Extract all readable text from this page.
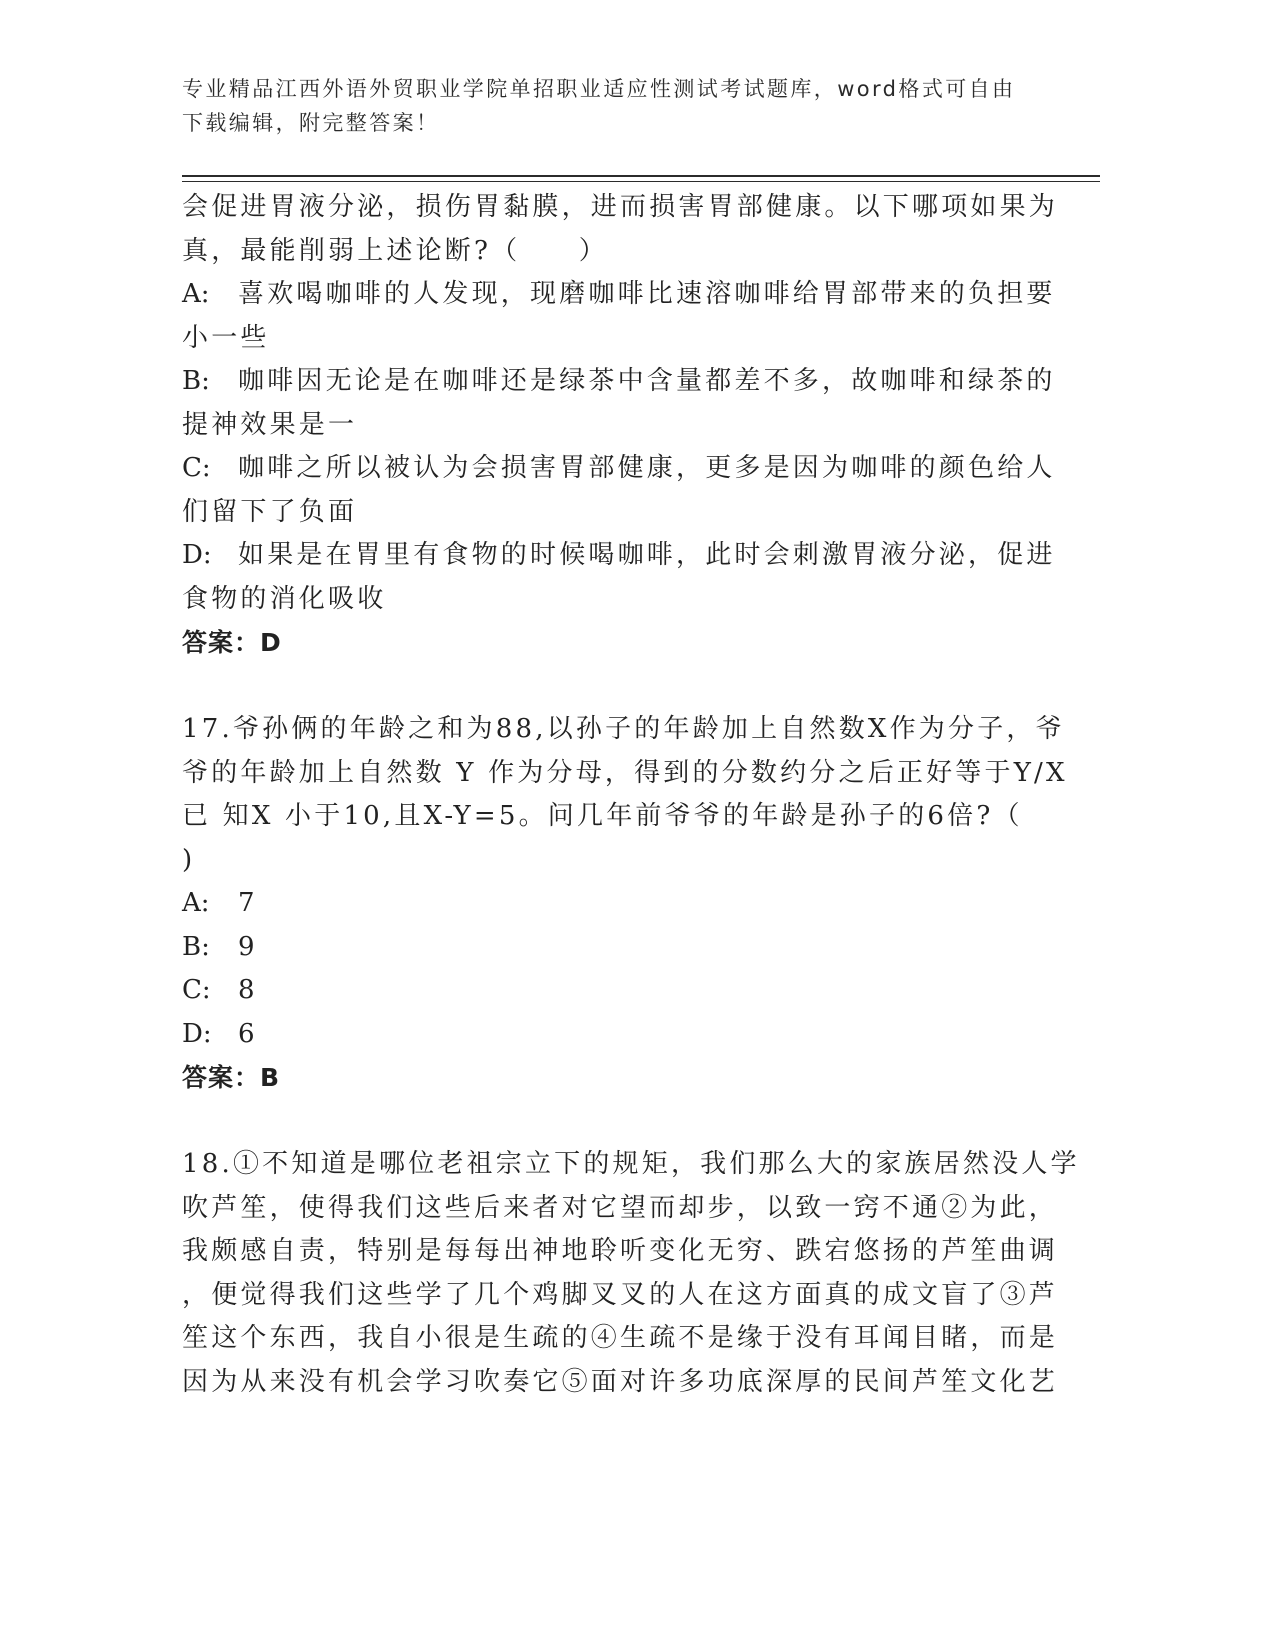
专业精品江西外语外贸职业学院单招职业适应性测试考试题库，word格式可自由
下载编辑，附完整答案！
会促进胃液分泌，损伤胃黏膜，进而损害胃部健康。以下哪项如果为
真，最能削弱上述论断?（　　）
A: 喜欢喝咖啡的人发现，现磨咖啡比速溶咖啡给胃部带来的负担要
小一些
B: 咖啡因无论是在咖啡还是绿茶中含量都差不多，故咖啡和绿茶的
提神效果是一
C: 咖啡之所以被认为会损害胃部健康，更多是因为咖啡的颜色给人
们留下了负面
D: 如果是在胃里有食物的时候喝咖啡，此时会刺激胃液分泌，促进
食物的消化吸收
答案：D
17.爷孙俩的年龄之和为88,以孙子的年龄加上自然数X作为分子，爷
爷的年龄加上自然数 Y 作为分母，得到的分数约分之后正好等于Y/X
已 知X 小于10,且X-Y=5。问几年前爷爷的年龄是孙子的6倍?（
)
A: 7
B: 9
C: 8
D: 6
答案：B
18.①不知道是哪位老祖宗立下的规矩，我们那么大的家族居然没人学
吹芦笙，使得我们这些后来者对它望而却步，以致一窍不通②为此，
我颇感自责，特别是每每出神地聆听变化无穷、跌宕悠扬的芦笙曲调
，便觉得我们这些学了几个鸡脚叉叉的人在这方面真的成文盲了③芦
笙这个东西，我自小很是生疏的④生疏不是缘于没有耳闻目睹，而是
因为从来没有机会学习吹奏它⑤面对许多功底深厚的民间芦笙文化艺
